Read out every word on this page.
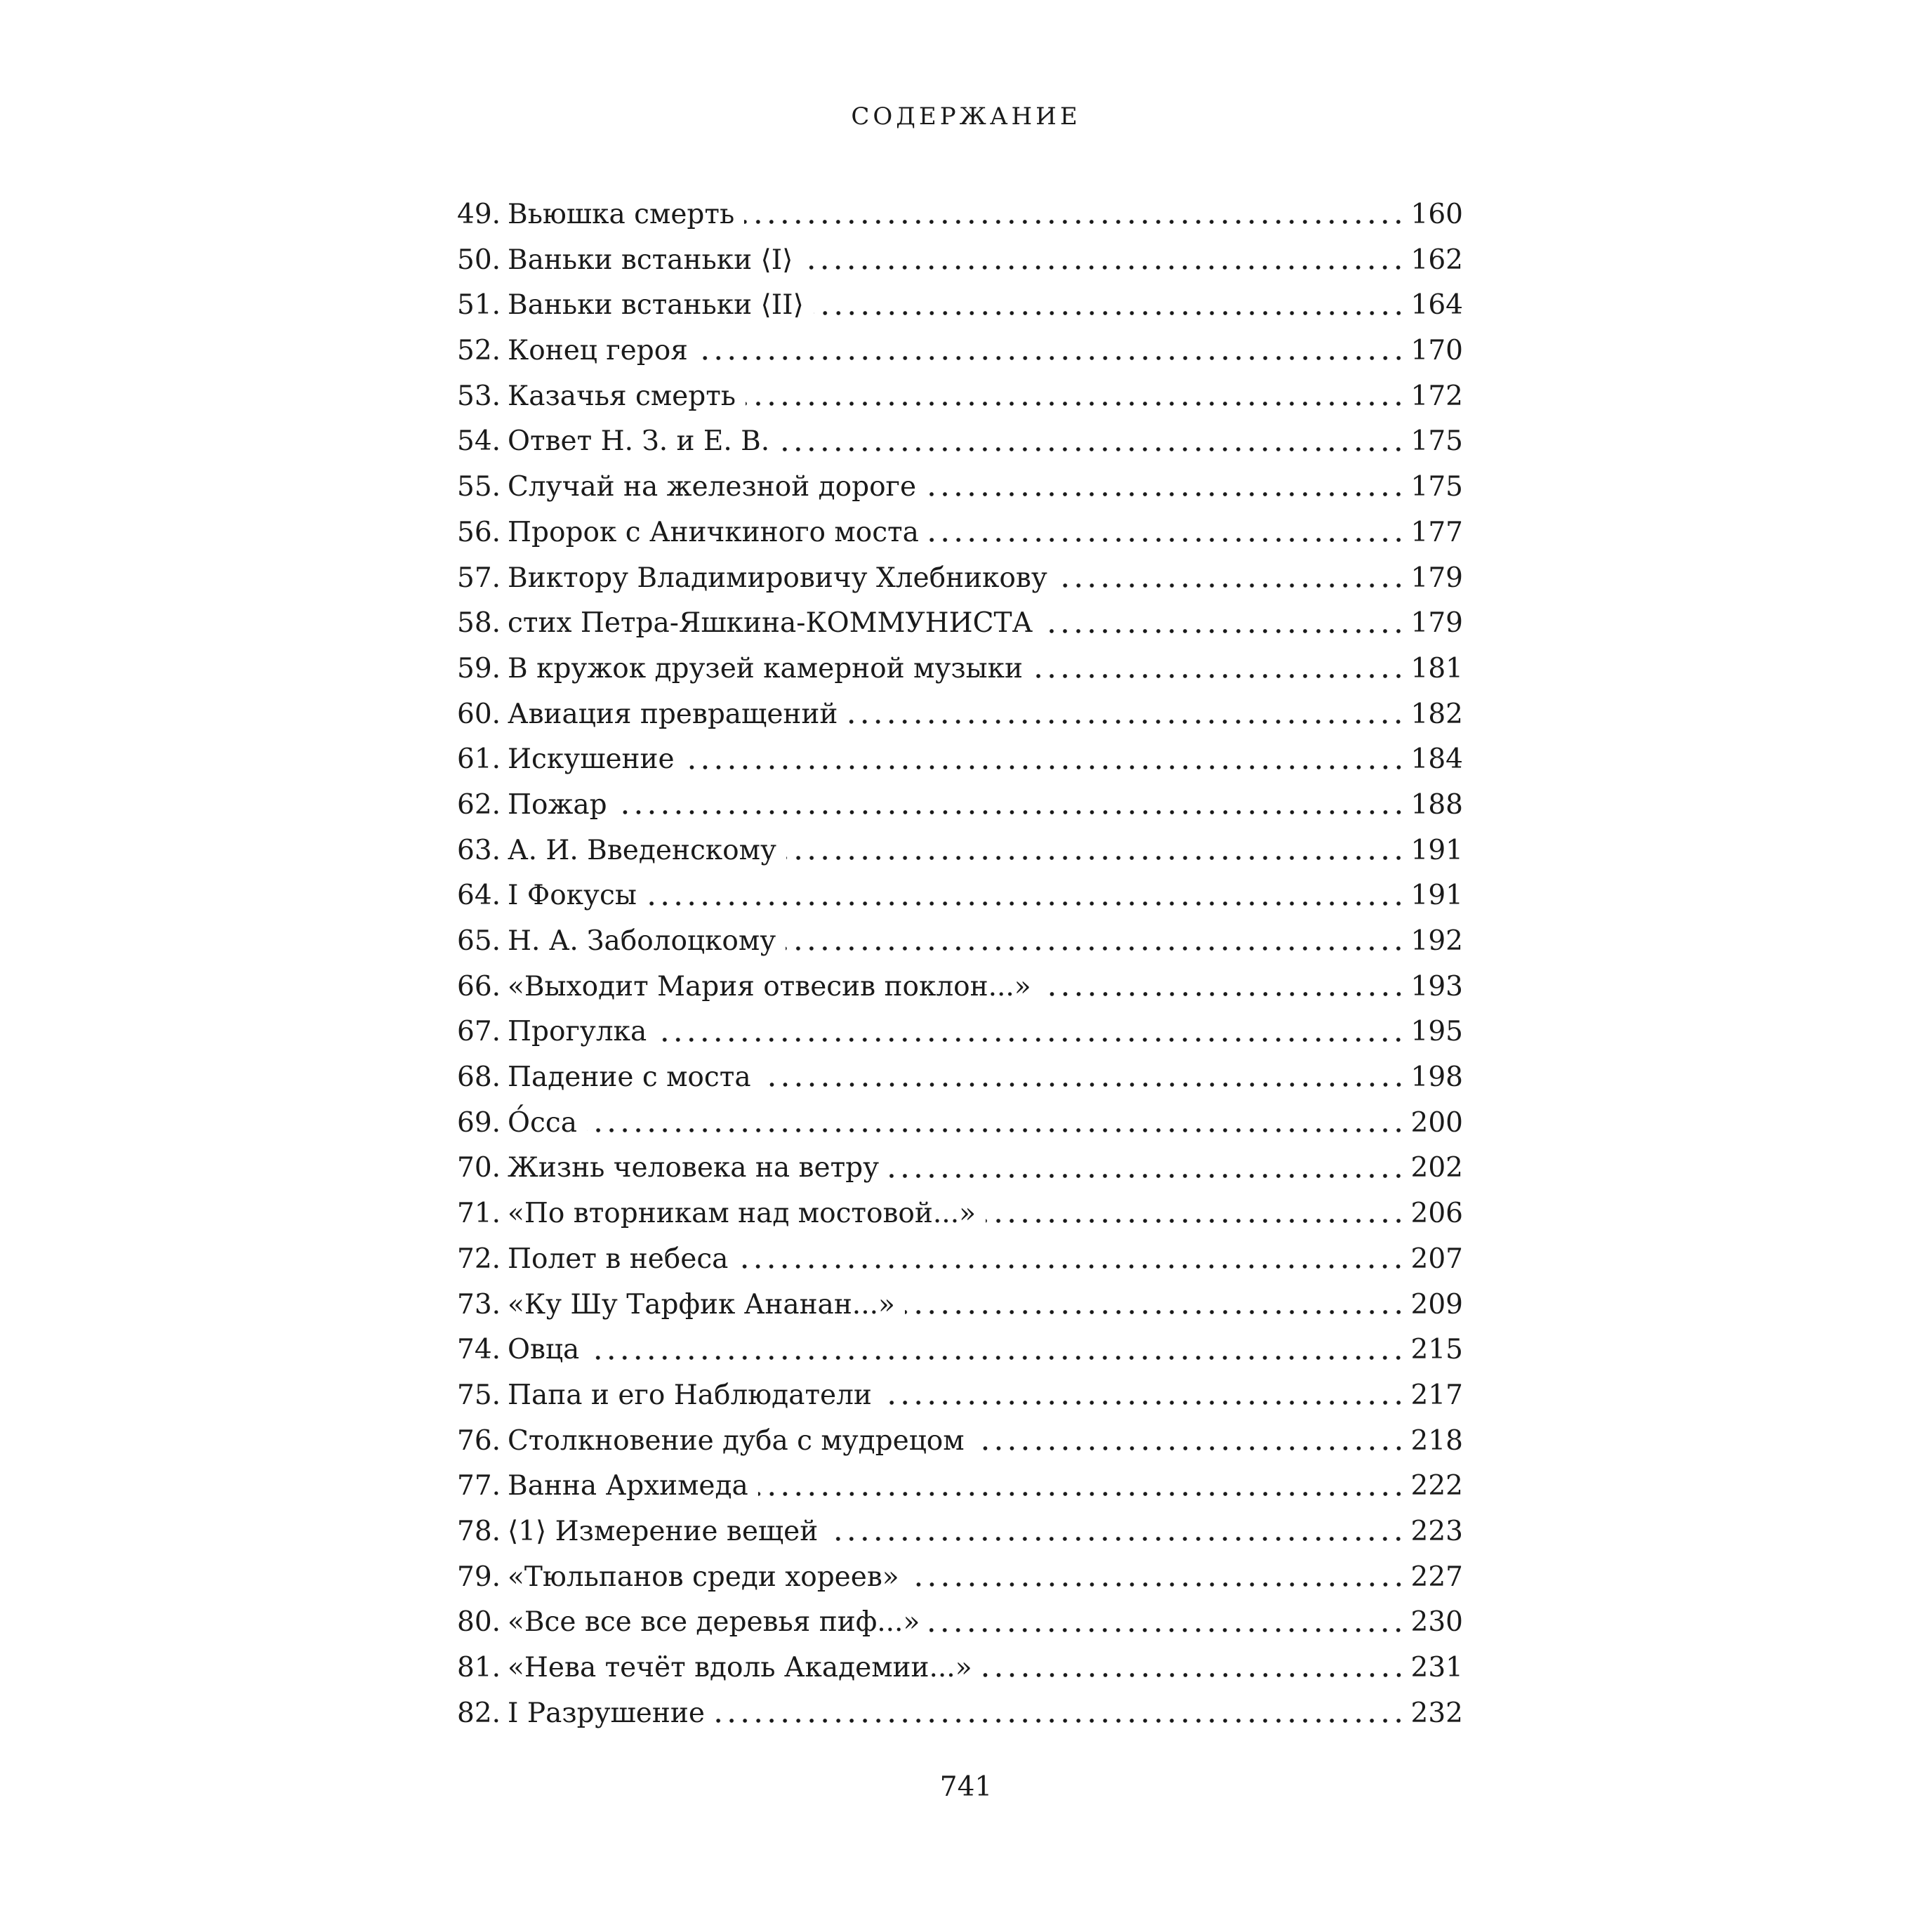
СОДЕРЖАНИЕ
49. Вьюшка смерть	160
50. Ваньки встаньки ⟨I⟩	162
51. Ваньки встаньки ⟨II⟩	164
52. Конец героя	170
53. Казачья смерть	172
54. Ответ Н. З. и Е. В.	175
55. Случай на железной дороге	175
56. Пророк с Аничкиного моста	177
57. Виктору Владимировичу Хлебникову	179
58. стих Петра-Яшкина-КОММУНИСТА	179
59. В кружок друзей камерной музыки	181
60. Авиация превращений	182
61. Искушение	184
62. Пожар	188
63. А. И. Введенскому	191
64. I Фокусы	191
65. Н. А. Заболоцкому	192
66. «Выходит Мария отвесив поклон...»	193
67. Прогулка	195
68. Падение с моста	198
69. О́сса	200
70. Жизнь человека на ветру	202
71. «По вторникам над мостовой...»	206
72. Полет в небеса	207
73. «Ку Шу Тарфик Ананан...»	209
74. Овца	215
75. Папа и его Наблюдатели	217
76. Столкновение дуба с мудрецом	218
77. Ванна Архимеда	222
78. ⟨1⟩ Измерение вещей	223
79. «Тюльпанов среди хореев»	227
80. «Все все все деревья пиф...»	230
81. «Нева течёт вдоль Академии...»	231
82. I Разрушение	232
741
